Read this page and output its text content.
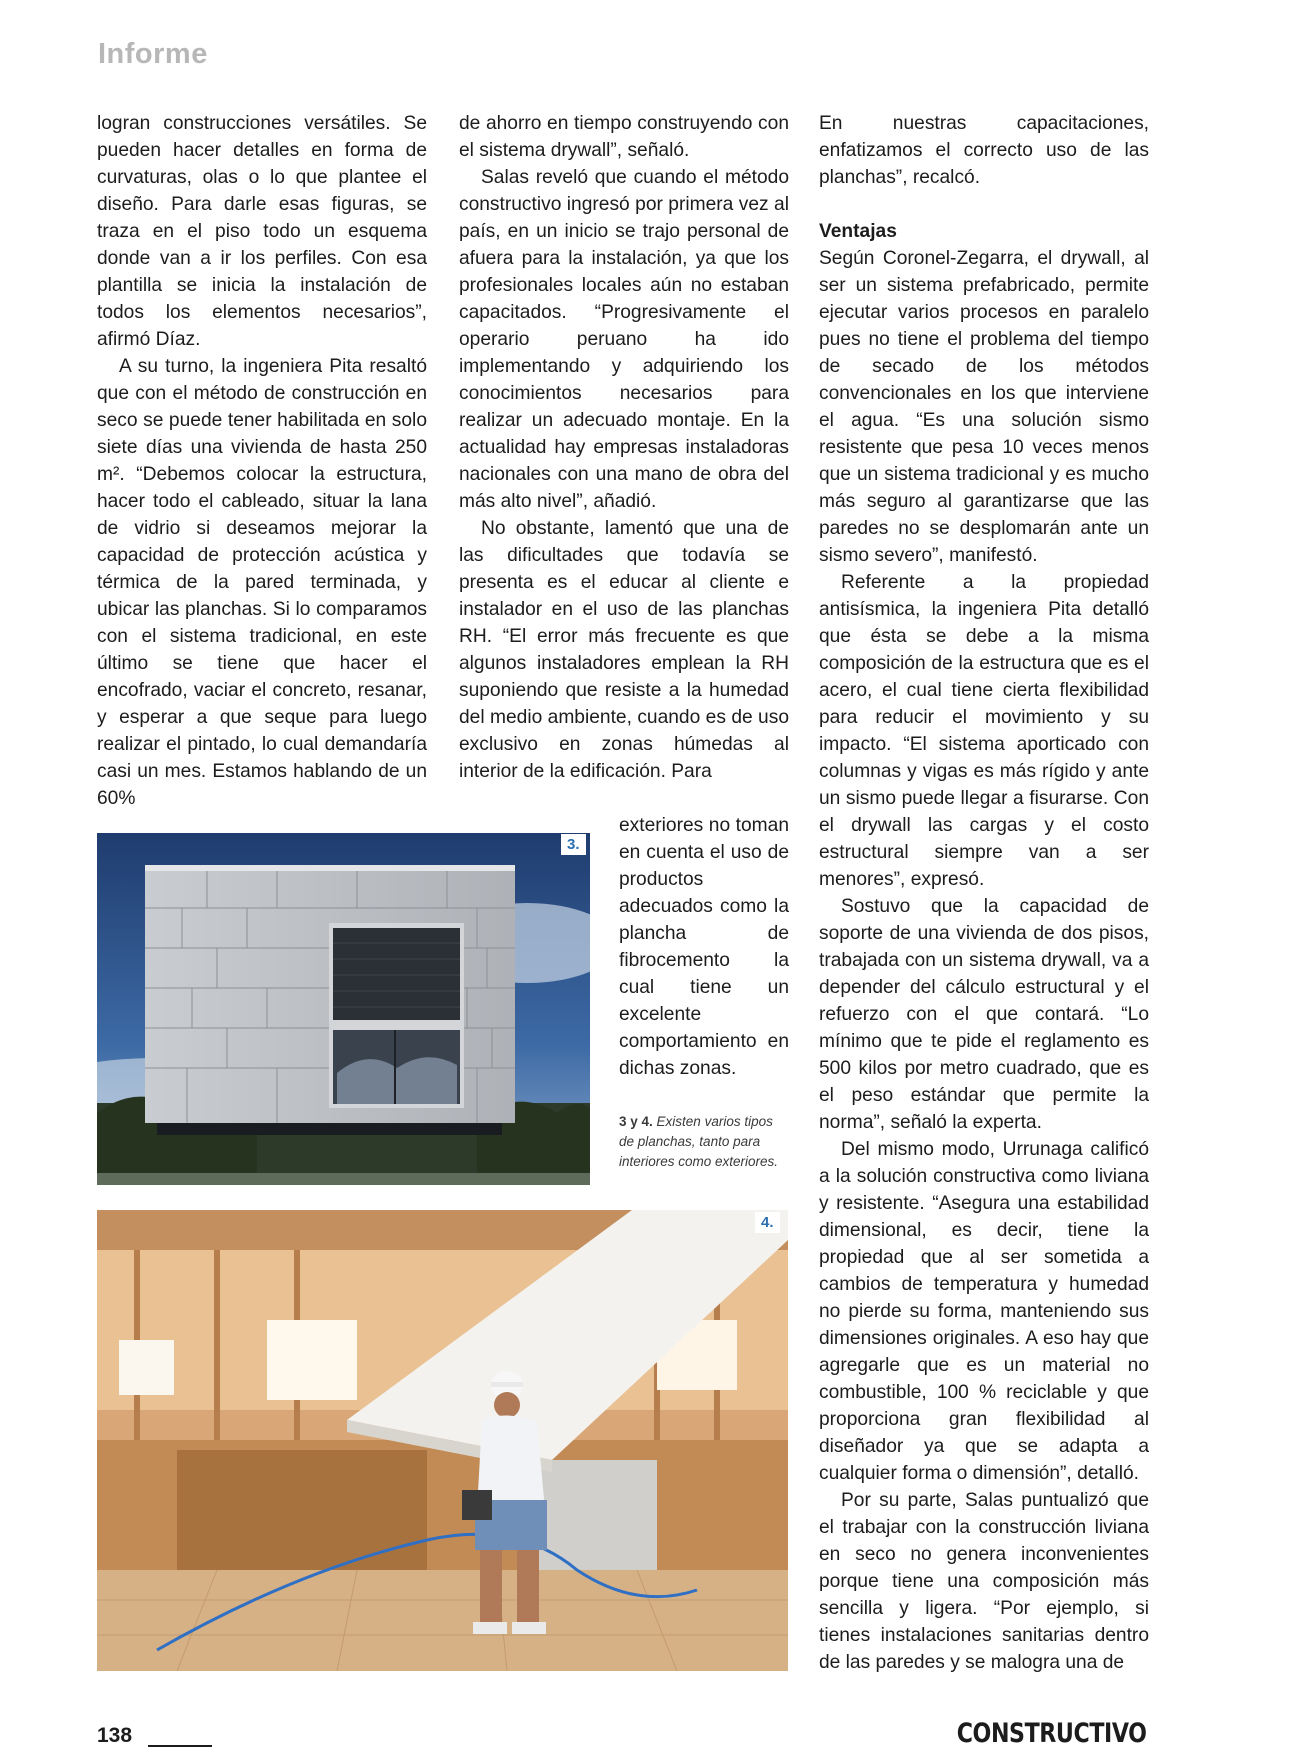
Informe

logran construcciones versátiles. Se pueden hacer detalles en forma de curvaturas, olas o lo que plantee el diseño. Para darle esas figuras, se traza en el piso todo un esquema donde van a ir los perfiles. Con esa plantilla se inicia la instalación de todos los elementos necesarios”, afirmó Díaz.

A su turno, la ingeniera Pita resaltó que con el método de construcción en seco se puede tener habilitada en solo siete días una vivienda de hasta 250 m². “Debemos colocar la estructura, hacer todo el cableado, situar la lana de vidrio si deseamos mejorar la capacidad de protección acústica y térmica de la pared terminada, y ubicar las planchas. Si lo comparamos con el sistema tradicional, en este último se tiene que hacer el encofrado, vaciar el concreto, resanar, y esperar a que seque para luego realizar el pintado, lo cual demandaría casi un mes. Estamos hablando de un 60%

de ahorro en tiempo construyendo con el sistema drywall”, señaló.

Salas reveló que cuando el método constructivo ingresó por primera vez al país, en un inicio se trajo personal de afuera para la instalación, ya que los profesionales locales aún no estaban capacitados. “Progresivamente el operario peruano ha ido implementando y adquiriendo los conocimientos necesarios para realizar un adecuado montaje. En la actualidad hay empresas instaladoras nacionales con una mano de obra del más alto nivel”, añadió.

No obstante, lamentó que una de las dificultades que todavía se presenta es el educar al cliente e instalador en el uso de las planchas RH. “El error más frecuente es que algunos instaladores emplean la RH suponiendo que resiste a la humedad del medio ambiente, cuando es de uso exclusivo en zonas húmedas al interior de la edificación. Para

exteriores no toman en cuenta el uso de productos adecuados como la plancha de fibrocemento la cual tiene un excelente comportamiento en dichas zonas.

En nuestras capacitaciones, enfatizamos el correcto uso de las planchas”, recalcó.

Ventajas

Según Coronel-Zegarra, el drywall, al ser un sistema prefabricado, permite ejecutar varios procesos en paralelo pues no tiene el problema del tiempo de secado de los métodos convencionales en los que interviene el agua. “Es una solución sismo resistente que pesa 10 veces menos que un sistema tradicional y es mucho más seguro al garantizarse que las paredes no se desplomarán ante un sismo severo”, manifestó.

Referente a la propiedad antisísmica, la ingeniera Pita detalló que ésta se debe a la misma composición de la estructura que es el acero, el cual tiene cierta flexibilidad para reducir el movimiento y su impacto. “El sistema aporticado con columnas y vigas es más rígido y ante un sismo puede llegar a fisurarse. Con el drywall las cargas y el costo estructural siempre van a ser menores”, expresó.

Sostuvo que la capacidad de soporte de una vivienda de dos pisos, trabajada con un sistema drywall, va a depender del cálculo estructural y el refuerzo con el que contará. “Lo mínimo que te pide el reglamento es 500 kilos por metro cuadrado, que es el peso estándar que permite la norma”, señaló la experta.

Del mismo modo, Urrunaga calificó a la solución constructiva como liviana y resistente. “Asegura una estabilidad dimensional, es decir, tiene la propiedad que al ser sometida a cambios de temperatura y humedad no pierde su forma, manteniendo sus dimensiones originales. A eso hay que agregarle que es un material no combustible, 100 % reciclable y que proporciona gran flexibilidad al diseñador ya que se adapta a cualquier forma o dimensión”, detalló.

Por su parte, Salas puntualizó que el trabajar con la construcción liviana en seco no genera inconvenientes porque tiene una composición más sencilla y ligera. “Por ejemplo, si tienes instalaciones sanitarias dentro de las paredes y se malogra una de

3.
3 y 4. Existen varios tipos de planchas, tanto para interiores como exteriores.
4.
138	CONSTRUCTIVO
